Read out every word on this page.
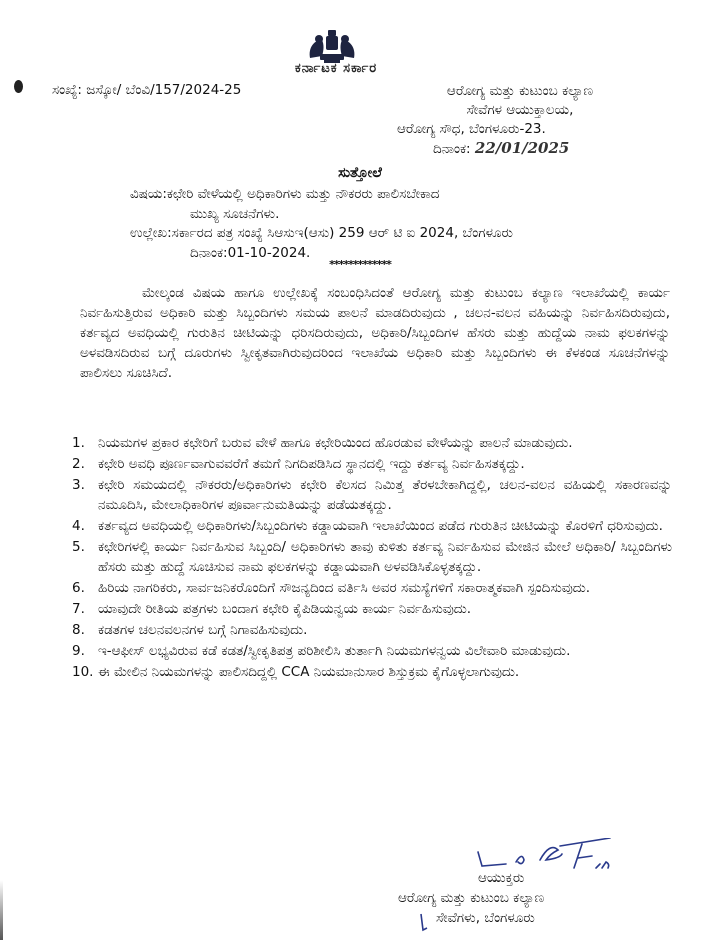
ಕರ್ನಾಟಕ ಸರ್ಕಾರ
ಸಂಖ್ಯೆ: ಜಸ್ಕೋ/ ಬೆಂವಿ/157/2024-25	ಆರೋಗ್ಯ ಮತ್ತು ಕುಟುಂಬ ಕಲ್ಯಾಣ
ಸೇವೆಗಳ ಆಯುಕ್ತಾಲಯ,
ಆರೋಗ್ಯ ಸೌಧ, ಬೆಂಗಳೂರು-23.
ದಿನಾಂಕ: 22/01/2025
ಸುತ್ತೋಲೆ
ವಿಷಯ: ಕಛೇರಿ ವೇಳೆಯಲ್ಲಿ ಅಧಿಕಾರಿಗಳು ಮತ್ತು ನೌಕರರು ಪಾಲಿಸಬೇಕಾದ
ಮುಖ್ಯ ಸೂಚನೆಗಳು.
ಉಲ್ಲೇಖ: ಸರ್ಕಾರದ ಪತ್ರ ಸಂಖ್ಯೆ ಸಿಆಸುಇ(ಆಸು) 259 ಆರ್ ಟಿ ಐ 2024, ಬೆಂಗಳೂರು
ದಿನಾಂಕ:01-10-2024.
*************
ಮೇಲ್ಕಂಡ ವಿಷಯ ಹಾಗೂ ಉಲ್ಲೇಖಕ್ಕೆ ಸಂಬಂಧಿಸಿದಂತೆ ಆರೋಗ್ಯ ಮತ್ತು ಕುಟುಂಬ ಕಲ್ಯಾಣ ಇಲಾಖೆಯಲ್ಲಿ ಕಾರ್ಯ ನಿರ್ವಹಿಸುತ್ತಿರುವ ಅಧಿಕಾರಿ ಮತ್ತು ಸಿಬ್ಬಂದಿಗಳು ಸಮಯ ಪಾಲನೆ ಮಾಡದಿರುವುದು , ಚಲನ-ವಲನ ವಹಿಯನ್ನು ನಿರ್ವಹಿಸದಿರುವುದು, ಕರ್ತವ್ಯದ ಅವಧಿಯಲ್ಲಿ ಗುರುತಿನ ಚೀಟಿಯನ್ನು ಧರಿಸದಿರುವುದು, ಅಧಿಕಾರಿ/ಸಿಬ್ಬಂದಿಗಳ ಹೆಸರು ಮತ್ತು ಹುದ್ದೆಯ ನಾಮ ಫಲಕಗಳನ್ನು ಅಳವಡಿಸದಿರುವ ಬಗ್ಗೆ ದೂರುಗಳು ಸ್ವೀಕೃತವಾಗಿರುವುದರಿಂದ ಇಲಾಖೆಯ ಅಧಿಕಾರಿ ಮತ್ತು ಸಿಬ್ಬಂದಿಗಳು ಈ ಕೆಳಕಂಡ ಸೂಚನೆಗಳನ್ನು ಪಾಲಿಸಲು ಸೂಚಿಸಿದೆ.
1. ನಿಯಮಗಳ ಪ್ರಕಾರ ಕಛೇರಿಗೆ ಬರುವ ವೇಳೆ ಹಾಗೂ ಕಛೇರಿಯಿಂದ ಹೊರಡುವ ವೇಳೆಯನ್ನು ಪಾಲನೆ ಮಾಡುವುದು.
2. ಕಛೇರಿ ಅವಧಿ ಪೂರ್ಣವಾಗುವವರೆಗೆ ತಮಗೆ ನಿಗದಿಪಡಿಸಿದ ಸ್ಥಾನದಲ್ಲಿ ಇದ್ದು ಕರ್ತವ್ಯ ನಿರ್ವಹಿಸತಕ್ಕದ್ದು.
3. ಕಛೇರಿ ಸಮಯದಲ್ಲಿ ನೌಕರರು/ಅಧಿಕಾರಿಗಳು ಕಛೇರಿ ಕೆಲಸದ ನಿಮಿತ್ತ ತೆರಳಬೇಕಾಗಿದ್ದಲ್ಲಿ, ಚಲನ-ವಲನ ವಹಿಯಲ್ಲಿ ಸಕಾರಣವನ್ನು ನಮೂದಿಸಿ, ಮೇಲಾಧಿಕಾರಿಗಳ ಪೂರ್ವಾನುಮತಿಯನ್ನು ಪಡೆಯತಕ್ಕದ್ದು.
4. ಕರ್ತವ್ಯದ ಅವಧಿಯಲ್ಲಿ ಅಧಿಕಾರಿಗಳು/ಸಿಬ್ಬಂದಿಗಳು ಕಡ್ಡಾಯವಾಗಿ ಇಲಾಖೆಯಿಂದ ಪಡೆದ ಗುರುತಿನ ಚೀಟಿಯನ್ನು ಕೊರಳಿಗೆ ಧರಿಸುವುದು.
5. ಕಛೇರಿಗಳಲ್ಲಿ ಕಾರ್ಯ ನಿರ್ವಹಿಸುವ ಸಿಬ್ಬಂದಿ/ ಅಧಿಕಾರಿಗಳು ತಾವು ಕುಳಿತು ಕರ್ತವ್ಯ ನಿರ್ವಹಿಸುವ ಮೇಜಿನ ಮೇಲೆ ಅಧಿಕಾರಿ/ ಸಿಬ್ಬಂದಿಗಳು ಹೆಸರು ಮತ್ತು ಹುದ್ದೆ ಸೂಚಿಸುವ ನಾಮ ಫಲಕಗಳನ್ನು ಕಡ್ಡಾಯವಾಗಿ ಅಳವಡಿಸಿಕೊಳ್ಳತಕ್ಕದ್ದು.
6. ಹಿರಿಯ ನಾಗರಿಕರು, ಸಾರ್ವಜನಿಕರೊಂದಿಗೆ ಸೌಜನ್ಯದಿಂದ ವರ್ತಿಸಿ ಅವರ ಸಮಸ್ಯೆಗಳಿಗೆ ಸಕಾರಾತ್ಮಕವಾಗಿ ಸ್ಪಂದಿಸುವುದು.
7. ಯಾವುದೇ ರೀತಿಯ ಪತ್ರಗಳು ಬಂದಾಗ ಕಛೇರಿ ಕೈಪಿಡಿಯನ್ವಯ ಕಾರ್ಯ ನಿರ್ವಹಿಸುವುದು.
8. ಕಡತಗಳ ಚಲನವಲನಗಳ ಬಗ್ಗೆ ನಿಗಾವಹಿಸುವುದು.
9. ಇ-ಆಫೀಸ್ ಲಭ್ಯವಿರುವ ಕಡೆ ಕಡತ/ಸ್ವೀಕೃತಿಪತ್ರ ಪರಿಶೀಲಿಸಿ ತುರ್ತಾಗಿ ನಿಯಮಗಳನ್ವಯ ವಿಲೇವಾರಿ ಮಾಡುವುದು.
10. ಈ ಮೇಲಿನ ನಿಯಮಗಳನ್ನು ಪಾಲಿಸದಿದ್ದಲ್ಲಿ CCA ನಿಯಮಾನುಸಾರ ಶಿಸ್ತುಕ್ರಮ ಕೈಗೊಳ್ಳಲಾಗುವುದು.
ಆಯುಕ್ತರು
ಆರೋಗ್ಯ ಮತ್ತು ಕುಟುಂಬ ಕಲ್ಯಾಣ
ಸೇವೆಗಳು, ಬೆಂಗಳೂರು
